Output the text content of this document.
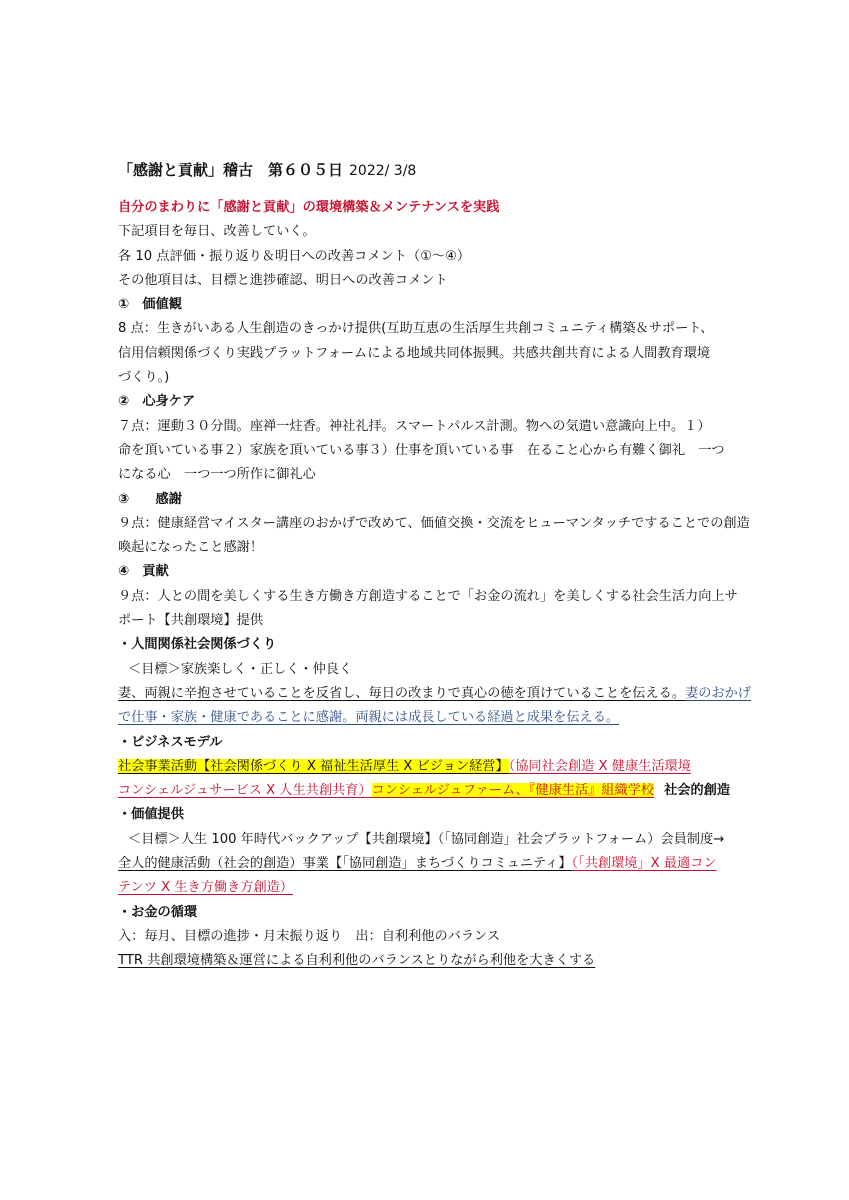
「感謝と貢献」稽古　第６０５日 2022/ 3/8
自分のまわりに「感謝と貢献」の環境構築＆メンテナンスを実践
下記項目を毎日、改善していく。
各 10 点評価・振り返り＆明日への改善コメント（①～④）
その他項目は、目標と進捗確認、明日への改善コメント
①　価値観
8 点：生きがいある人生創造のきっかけ提供(互助互恵の生活厚生共創コミュニティ構築＆サポート、
信用信頼関係づくり実践プラットフォームによる地域共同体振興。共感共創共育による人間教育環境
づくり。)
②　心身ケア
７点：運動３０分間。座禅一炷香。神社礼拝。スマートパルス計測。物への気遣い意識向上中。１）
命を頂いている事２）家族を頂いている事３）仕事を頂いている事　在ること心から有難く御礼　一つ
になる心　一つ一つ所作に御礼心
③　　感謝
９点：健康経営マイスター講座のおかげで改めて、価値交換・交流をヒューマンタッチですることでの創造
喚起になったこと感謝！
④　貢献
９点：人との間を美しくする生き方働き方創造することで「お金の流れ」を美しくする社会生活力向上サ
ポート【共創環境】提供
・人間関係社会関係づくり
＜目標＞家族楽しく・正しく・仲良く
妻、両親に辛抱させていることを反省し、毎日の改まりで真心の徳を頂けていることを伝える。妻のおかげ
で仕事・家族・健康であることに感謝。両親には成長している経過と成果を伝える。
・ビジネスモデル
社会事業活動【社会関係づくり X 福祉生活厚生 X ビジョン経営】（協同社会創造 X 健康生活環境
コンシェルジュサービス X 人生共創共育）コンシェルジュファーム、『健康生活』組織学校 社会的創造
・価値提供
＜目標＞人生 100 年時代バックアップ【共創環境】（「協同創造」社会プラットフォーム）会員制度→
全人的健康活動（社会的創造）事業【「協同創造」まちづくりコミュニティ】（「共創環境」X 最適コン
テンツ X 生き方働き方創造）
・お金の循環
入：毎月、目標の進捗・月末振り返り　出：自利利他のバランス
TTR 共創環境構築＆運営による自利利他のバランスとりながら利他を大きくする
